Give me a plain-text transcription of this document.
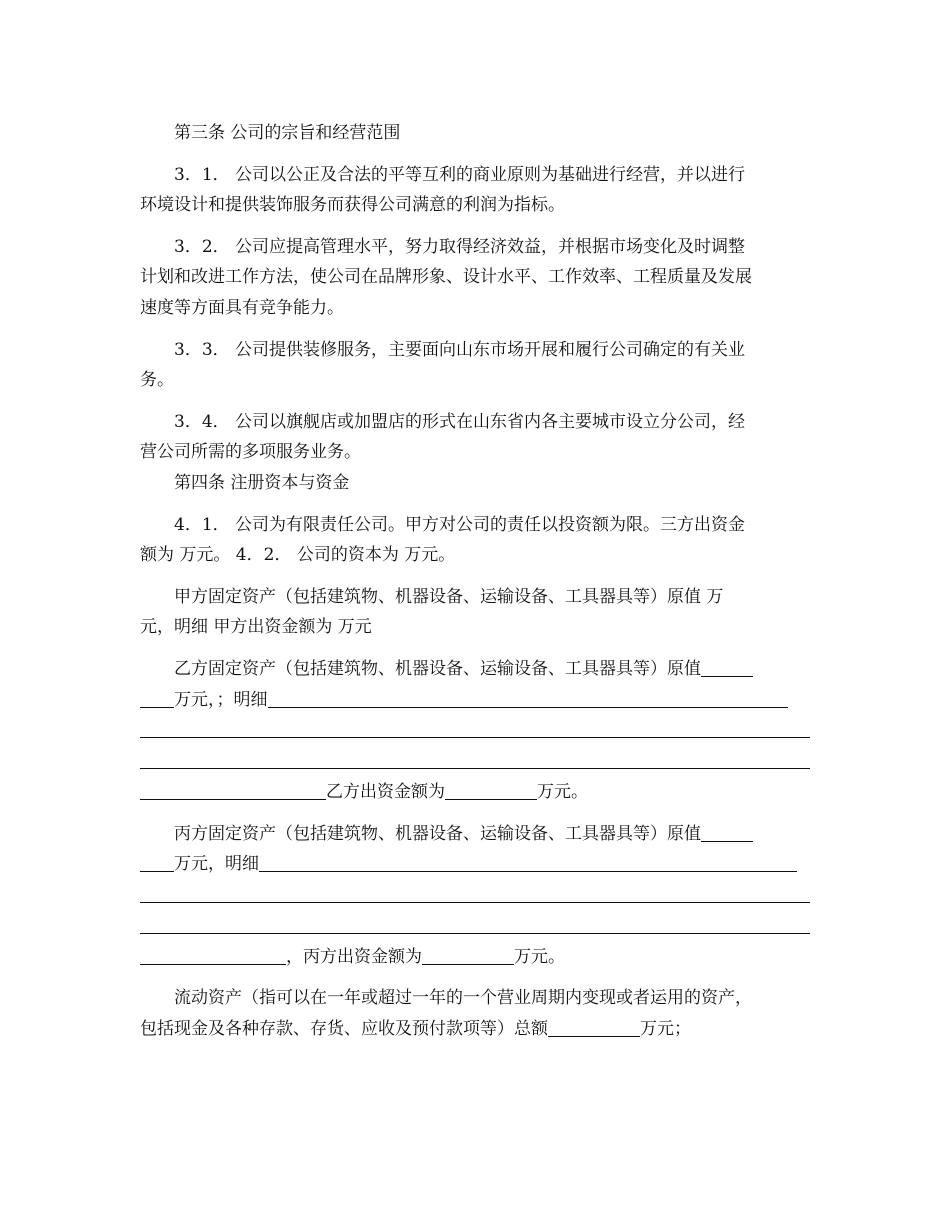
第三条 公司的宗旨和经营范围
3．1． 公司以公正及合法的平等互利的商业原则为基础进行经营，并以进行
环境设计和提供装饰服务而获得公司满意的利润为指标。
3．2． 公司应提高管理水平，努力取得经济效益，并根据市场变化及时调整
计划和改进工作方法，使公司在品牌形象、设计水平、工作效率、工程质量及发展
速度等方面具有竞争能力。
3．3． 公司提供装修服务，主要面向山东市场开展和履行公司确定的有关业
务。
3．4． 公司以旗舰店或加盟店的形式在山东省内各主要城市设立分公司，经
营公司所需的多项服务业务。
第四条 注册资本与资金
4．1． 公司为有限责任公司。甲方对公司的责任以投资额为限。三方出资金
额为 万元。 4．2． 公司的资本为 万元。
甲方固定资产（包括建筑物、机器设备、运输设备、工具器具等）原值 万
元，明细 甲方出资金额为 万元
乙方固定资产（包括建筑物、机器设备、运输设备、工具器具等）原值
万元，；明细
乙方出资金额为	万元。
丙方固定资产（包括建筑物、机器设备、运输设备、工具器具等）原值
万元，明细
，丙方出资金额为	万元。
流动资产（指可以在一年或超过一年的一个营业周期内变现或者运用的资产，
包括现金及各种存款、存货、应收及预付款项等）总额	万元；
